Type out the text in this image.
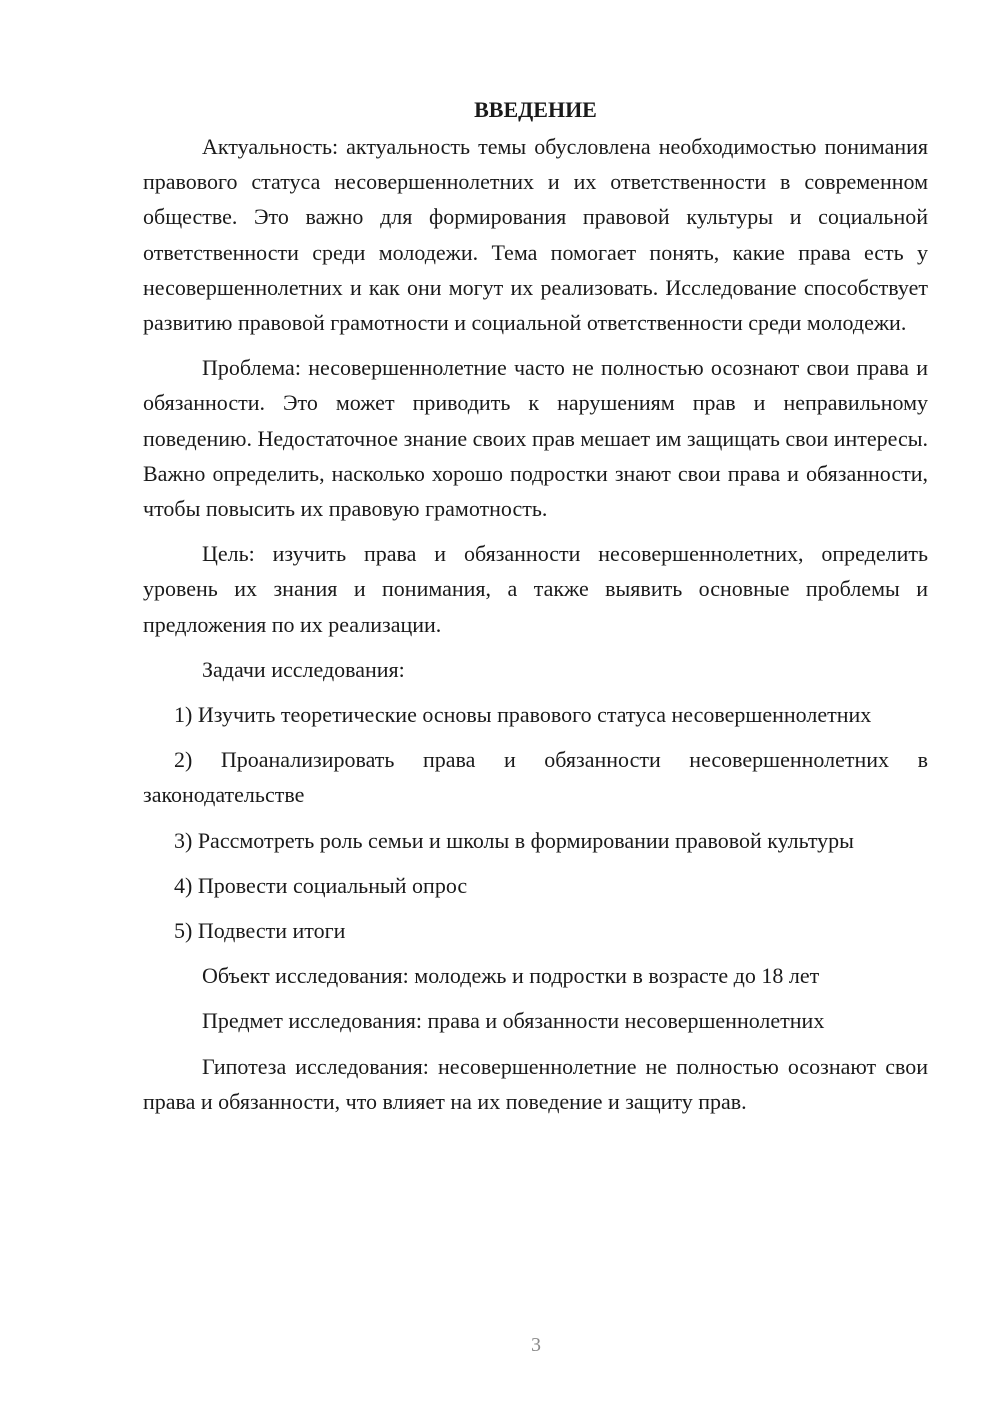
ВВЕДЕНИЕ

Актуальность: актуальность темы обусловлена необходимостью понимания правового статуса несовершеннолетних и их ответственности в современном обществе. Это важно для формирования правовой культуры и социальной ответственности среди молодежи. Тема помогает понять, какие права есть у несовершеннолетних и как они могут их реализовать. Исследование способствует развитию правовой грамотности и социальной ответственности среди молодежи.

Проблема: несовершеннолетние часто не полностью осознают свои права и обязанности. Это может приводить к нарушениям прав и неправильному поведению. Недостаточное знание своих прав мешает им защищать свои интересы. Важно определить, насколько хорошо подростки знают свои права и обязанности, чтобы повысить их правовую грамотность.

Цель: изучить права и обязанности несовершеннолетних, определить уровень их знания и понимания, а также выявить основные проблемы и предложения по их реализации.

Задачи исследования:

1) Изучить теоретические основы правового статуса несовершеннолетних

2) Проанализировать права и обязанности несовершеннолетних в законодательстве

3) Рассмотреть роль семьи и школы в формировании правовой культуры

4) Провести социальный опрос

5) Подвести итоги

Объект исследования: молодежь и подростки в возрасте до 18 лет

Предмет исследования: права и обязанности несовершеннолетних

Гипотеза исследования: несовершеннолетние не полностью осознают свои права и обязанности, что влияет на их поведение и защиту прав.

3
